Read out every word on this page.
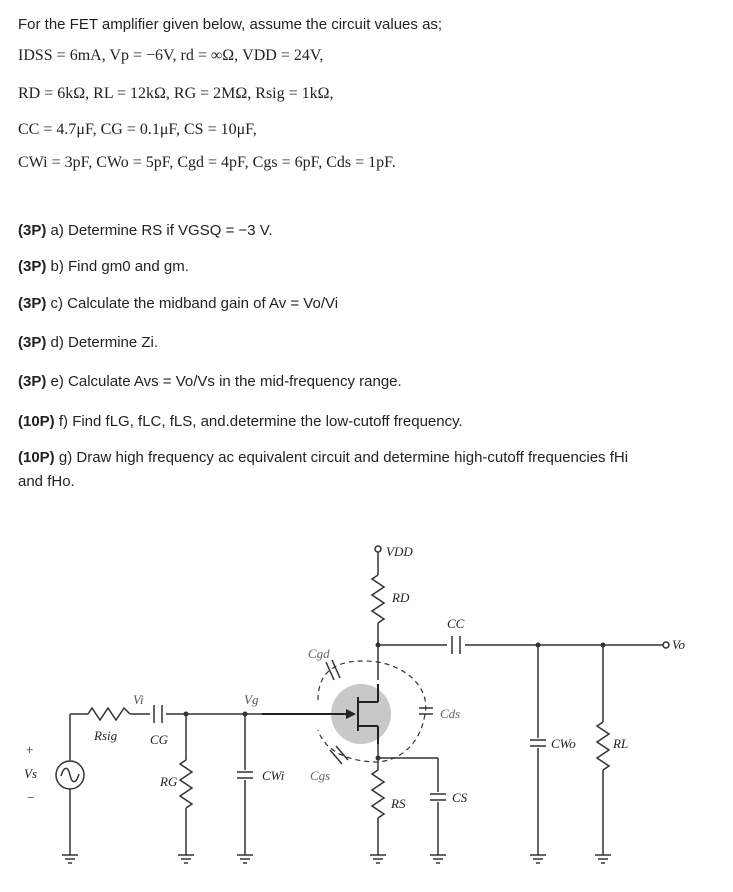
For the FET amplifier given below, assume the circuit values as;
IDSS = 6mA, Vp = −6V, rd = ∞Ω, VDD = 24V,
RD = 6kΩ, RL = 12kΩ, RG = 2MΩ, Rsig = 1kΩ,
CC = 4.7μF, CG = 0.1μF, CS = 10μF,
CWi = 3pF, CWo = 5pF, Cgd = 4pF, Cgs = 6pF, Cds = 1pF.
(3P) a) Determine RS if VGSQ = −3 V.
(3P) b) Find gm0 and gm.
(3P) c) Calculate the midband gain of Av = Vo/Vi
(3P) d) Determine Zi.
(3P) e) Calculate Avs = Vo/Vs in the mid-frequency range.
(10P) f) Find fLG, fLC, fLS, and.determine the low-cutoff frequency.
(10P) g) Draw high frequency ac equivalent circuit and determine high-cutoff frequencies fHi
and fHo.
VDD
RD
CC
Vo
Cgd
Cds
Vi	Vg
Rsig	CG	CWo	RL
+
Vs
−
RG	CWi Cgs
RS	CS
